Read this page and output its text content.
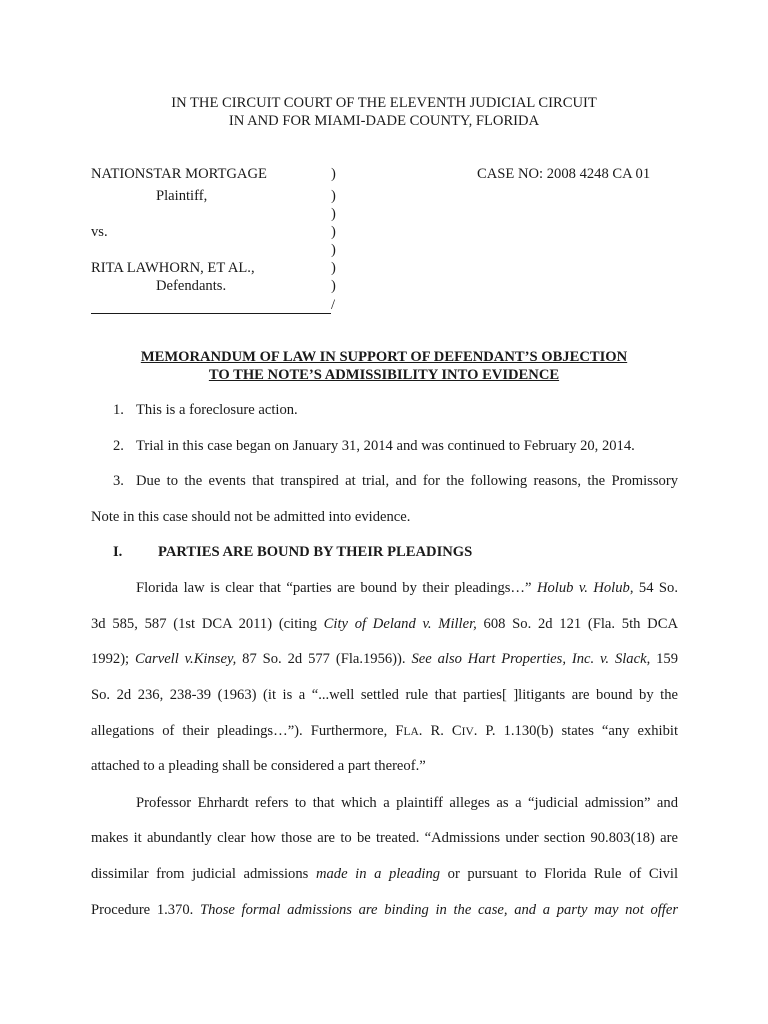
IN THE CIRCUIT COURT OF THE ELEVENTH JUDICIAL CIRCUIT
IN AND FOR MIAMI-DADE COUNTY, FLORIDA
NATIONSTAR MORTGAGE
Plaintiff,
vs.
RITA LAWHORN, ET AL.,
Defendants.
)
)
)
)
)
)
)
/
CASE NO: 2008 4248 CA 01
MEMORANDUM OF LAW IN SUPPORT OF DEFENDANT’S OBJECTION
TO THE NOTE’S ADMISSIBILITY INTO EVIDENCE
1. This is a foreclosure action.
2. Trial in this case began on January 31, 2014 and was continued to February 20, 2014.
3. Due to the events that transpired at trial, and for the following reasons, the Promissory
Note in this case should not be admitted into evidence.
I. PARTIES ARE BOUND BY THEIR PLEADINGS
Florida law is clear that “parties are bound by their pleadings…” Holub v. Holub, 54 So.
3d 585, 587 (1st DCA 2011) (citing City of Deland v. Miller, 608 So. 2d 121 (Fla. 5th DCA
1992); Carvell v.Kinsey, 87 So. 2d 577 (Fla.1956)). See also Hart Properties, Inc. v. Slack, 159
So. 2d 236, 238-39 (1963) (it is a “...well settled rule that parties[ ]litigants are bound by the
allegations of their pleadings…”). Furthermore, FLA. R. CIV. P. 1.130(b) states “any exhibit
attached to a pleading shall be considered a part thereof.”
Professor Ehrhardt refers to that which a plaintiff alleges as a “judicial admission” and
makes it abundantly clear how those are to be treated. “Admissions under section 90.803(18) are
dissimilar from judicial admissions made in a pleading or pursuant to Florida Rule of Civil
Procedure 1.370. Those formal admissions are binding in the case, and a party may not offer
